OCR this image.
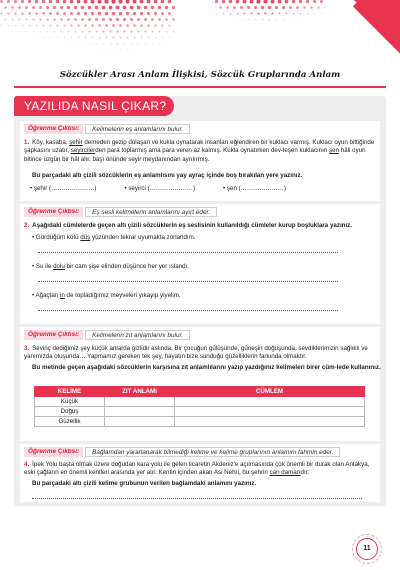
Sözcükler Arası Anlam İlişkisi, Sözcük Gruplarında Anlam
YAZILIDA NASIL ÇIKAR?
Öğrenme Çıktısı:	Kelimelerin eş anlamlarını bulur.
1. Köy, kasaba, şehir demeden gezip dolaşan ve kukla oynatarak insanları eğlendiren bir kuklacı varmış. Kuklacı oyun bittiğinde şapkasını uzatır, seyircilerden para toplarmış ama para veren az kalmış. Kukla oynatırken dev-leşen kuklacının şen hâli oyun bitince üzgün bir hâl alır, başı önünde seyir meydanından ayrılırmış.
Bu parçadaki altı çizili sözcüklerin eş anlamlısını yay ayraç içinde boş bırakılan yere yazınız.
• şehir (…………………)	• seyirci (…………………)	• şen (…………………)
Öğrenme Çıktısı:	Eş sesli kelimelerin anlamlarını ayırt eder.
2. Aşağıdaki cümlelerde geçen altı çizili sözcüklerin eş seslisinin kullanıldığı cümleler kurup boşluklara yazınız.
• Gördüğüm kötü düş yüzünden tekrar uyumakta zorlandım.
• Su ile dolu bir cam şişe elinden düşünce her yer ıslandı.
• Ağaçtan in de topladığımız meyveleri yıkayıp yiyelim.
Öğrenme Çıktısı:	Kelimelerin zıt anlamlarını bulur.
3. Sevinç dediğimiz şey küçük anlarda gizlidir aslında. Bir çocuğun gülüşünde, güneşin doğuşunda, sevdiklerimizin sağlıklı ve yanımızda oluşunda… Yapmamız gereken tek şey, hayatın bize sunduğu güzelliklerin farkında olmaktır.
Bu metinde geçen aşağıdaki sözcüklerin karşısına zıt anlamlılarını yazıp yazdığınız kelimeleri birer cüm-lede kullanınız.
KELİME	ZIT ANLAMI	CÜMLEM
Küçük		
Doğuş		
Güzellik		
Öğrenme Çıktısı:	Bağlamdan yararlanarak bilmediği kelime ve kelime gruplarının anlamını tahmin eder.
4. İpek Yolu başta olmak üzere doğudan kara yolu ile gelen ticaretin Akdeniz'e açılmasında çok önemli bir durak olan Antakya, eski çağların en önemli kentleri arasında yer alır. Kentin içinden akan Asi Nehri, bu şehrin can damarıdır.
Bu parçadaki altı çizili kelime grubunun verilen bağlamdaki anlamını yazınız.
11
